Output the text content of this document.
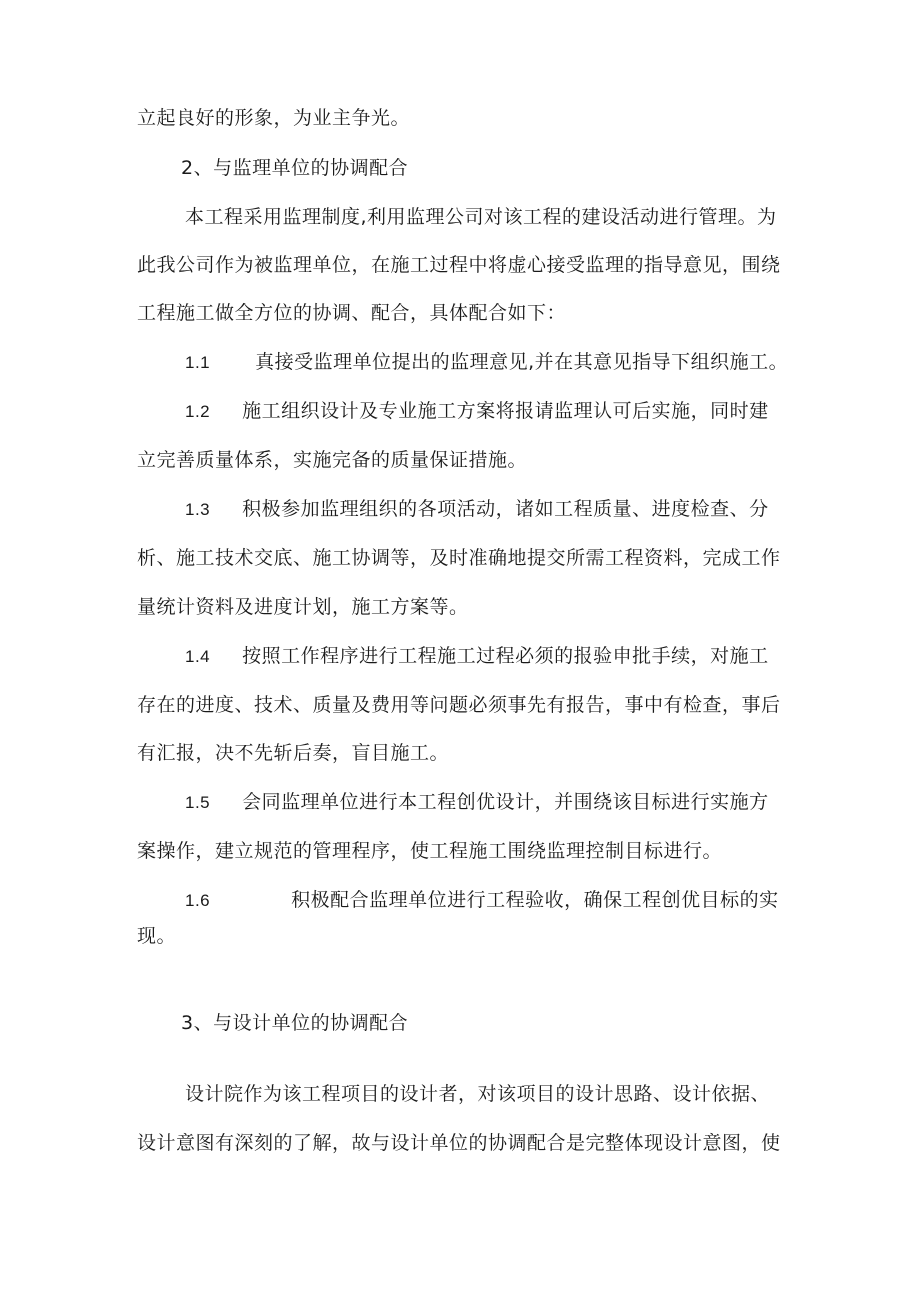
立起良好的形象，为业主争光。
2、与监理单位的协调配合
本工程采用监理制度,利用监理公司对该工程的建设活动进行管理。为
此我公司作为被监理单位，在施工过程中将虚心接受监理的指导意见，围绕
工程施工做全方位的协调、配合，具体配合如下：
1.1 真接受监理单位提出的监理意见,并在其意见指导下组织施工。
1.2 施工组织设计及专业施工方案将报请监理认可后实施，同时建
立完善质量体系，实施完备的质量保证措施。
1.3 积极参加监理组织的各项活动，诸如工程质量、进度检查、分
析、施工技术交底、施工协调等，及时准确地提交所需工程资料，完成工作
量统计资料及进度计划，施工方案等。
1.4 按照工作程序进行工程施工过程必须的报验申批手续，对施工
存在的进度、技术、质量及费用等问题必须事先有报告，事中有检查，事后
有汇报，决不先斩后奏，盲目施工。
1.5 会同监理单位进行本工程创优设计，并围绕该目标进行实施方
案操作，建立规范的管理程序，使工程施工围绕监理控制目标进行。
1.6	积极配合监理单位进行工程验收，确保工程创优目标的实
现。
3、与设计单位的协调配合
设计院作为该工程项目的设计者，对该项目的设计思路、设计依据、
设计意图有深刻的了解，故与设计单位的协调配合是完整体现设计意图，使
